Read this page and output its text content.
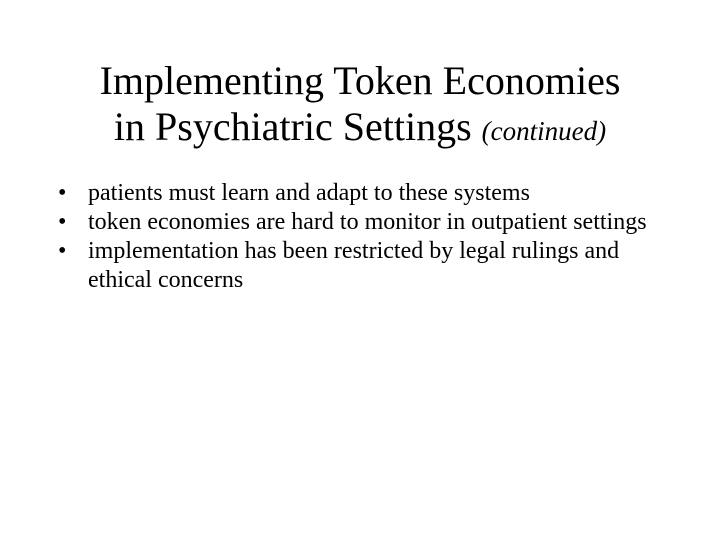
Implementing Token Economies
in Psychiatric Settings (continued)
• patients must learn and adapt to these systems
• token economies are hard to monitor in outpatient settings
• implementation has been restricted by legal rulings and ethical concerns
